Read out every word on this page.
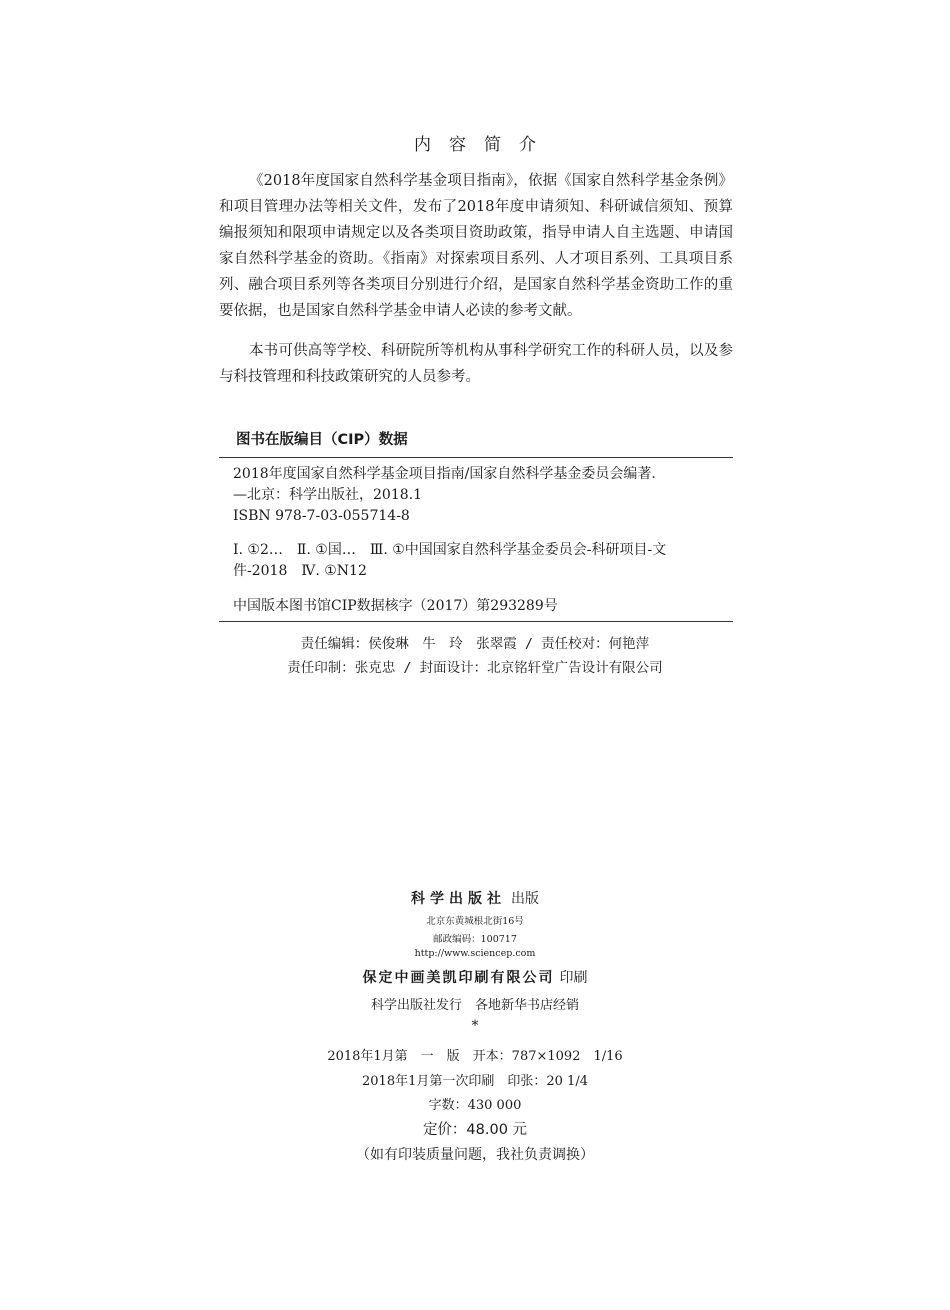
内容简介

《2018年度国家自然科学基金项目指南》，依据《国家自然科学基金条例》和项目管理办法等相关文件，发布了2018年度申请须知、科研诚信须知、预算编报须知和限项申请规定以及各类项目资助政策，指导申请人自主选题、申请国家自然科学基金的资助。《指南》对探索项目系列、人才项目系列、工具项目系列、融合项目系列等各类项目分别进行介绍，是国家自然科学基金资助工作的重要依据，也是国家自然科学基金申请人必读的参考文献。

本书可供高等学校、科研院所等机构从事科学研究工作的科研人员，以及参与科技管理和科技政策研究的人员参考。

图书在版编目（CIP）数据
2018年度国家自然科学基金项目指南/国家自然科学基金委员会编著.
—北京：科学出版社，2018.1
ISBN 978-7-03-055714-8
Ⅰ. ①2…　Ⅱ. ①国…　Ⅲ. ①中国国家自然科学基金委员会-科研项目-文
件-2018　Ⅳ. ①N12
中国版本图书馆CIP数据核字（2017）第293289号
责任编辑：侯俊琳　牛　玲　张翠霞 / 责任校对：何艳萍
责任印制：张克忠 / 封面设计：北京铭轩堂广告设计有限公司
科学出版社 出版
北京东黄城根北街16号
邮政编码：100717
http://www.sciencep.com
保定中画美凯印刷有限公司 印刷
科学出版社发行　各地新华书店经销
*
2018年1月第　一　版　开本：787×1092　1/16
2018年1月第一次印刷　印张：20 1/4
字数：430 000
定价：48.00 元
（如有印装质量问题，我社负责调换）
